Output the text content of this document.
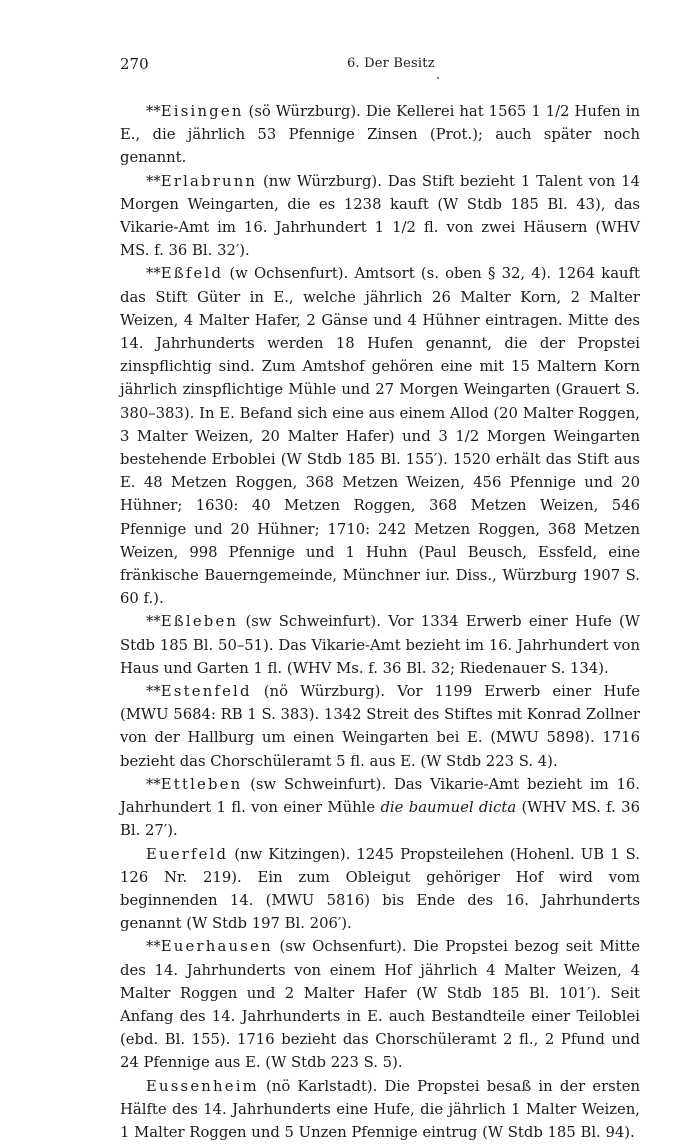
270	6. Der Besitz

**Eisingen (sö Würzburg). Die Kellerei hat 1565 1 1/2 Hufen in E., die jährlich 53 Pfennige Zinsen (Prot.); auch später noch genannt.

**Erlabrunn (nw Würzburg). Das Stift bezieht 1 Talent von 14 Morgen Weingarten, die es 1238 kauft (W Stdb 185 Bl. 43), das Vikarie-Amt im 16. Jahrhundert 1 1/2 fl. von zwei Häusern (WHV MS. f. 36 Bl. 32′).

**Eßfeld (w Ochsenfurt). Amtsort (s. oben § 32, 4). 1264 kauft das Stift Güter in E., welche jährlich 26 Malter Korn, 2 Malter Weizen, 4 Malter Hafer, 2 Gänse und 4 Hühner eintragen. Mitte des 14. Jahrhunderts werden 18 Hufen genannt, die der Propstei zinspflichtig sind. Zum Amtshof gehören eine mit 15 Maltern Korn jährlich zinspflichtige Mühle und 27 Morgen Weingarten (Grauert S. 380–383). In E. Befand sich eine aus einem Allod (20 Malter Roggen, 3 Malter Weizen, 20 Malter Hafer) und 3 1/2 Morgen Weingarten bestehende Erboblei (W Stdb 185 Bl. 155′). 1520 erhält das Stift aus E. 48 Metzen Roggen, 368 Metzen Weizen, 456 Pfennige und 20 Hühner; 1630: 40 Metzen Roggen, 368 Metzen Weizen, 546 Pfennige und 20 Hühner; 1710: 242 Metzen Roggen, 368 Metzen Weizen, 998 Pfennige und 1 Huhn (Paul Beusch, Essfeld, eine fränkische Bauerngemeinde, Münchner iur. Diss., Würzburg 1907 S. 60 f.).

**Eßleben (sw Schweinfurt). Vor 1334 Erwerb einer Hufe (W Stdb 185 Bl. 50–51). Das Vikarie-Amt bezieht im 16. Jahrhundert von Haus und Garten 1 fl. (WHV Ms. f. 36 Bl. 32; Riedenauer S. 134).

**Estenfeld (nö Würzburg). Vor 1199 Erwerb einer Hufe (MWU 5684: RB 1 S. 383). 1342 Streit des Stiftes mit Konrad Zollner von der Hallburg um einen Weingarten bei E. (MWU 5898). 1716 bezieht das Chorschüleramt 5 fl. aus E. (W Stdb 223 S. 4).

**Ettleben (sw Schweinfurt). Das Vikarie-Amt bezieht im 16. Jahrhundert 1 fl. von einer Mühle die baumuel dicta (WHV MS. f. 36 Bl. 27′).

Euerfeld (nw Kitzingen). 1245 Propsteilehen (Hohenl. UB 1 S. 126 Nr. 219). Ein zum Obleigut gehöriger Hof wird vom beginnenden 14. (MWU 5816) bis Ende des 16. Jahrhunderts genannt (W Stdb 197 Bl. 206′).

**Euerhausen (sw Ochsenfurt). Die Propstei bezog seit Mitte des 14. Jahrhunderts von einem Hof jährlich 4 Malter Weizen, 4 Malter Roggen und 2 Malter Hafer (W Stdb 185 Bl. 101′). Seit Anfang des 14. Jahrhunderts in E. auch Bestandteile einer Teiloblei (ebd. Bl. 155). 1716 bezieht das Chorschüleramt 2 fl., 2 Pfund und 24 Pfennige aus E. (W Stdb 223 S. 5).

Eussenheim (nö Karlstadt). Die Propstei besaß in der ersten Hälfte des 14. Jahrhunderts eine Hufe, die jährlich 1 Malter Weizen, 1 Malter Roggen und 5 Unzen Pfennige eintrug (W Stdb 185 Bl. 94).
